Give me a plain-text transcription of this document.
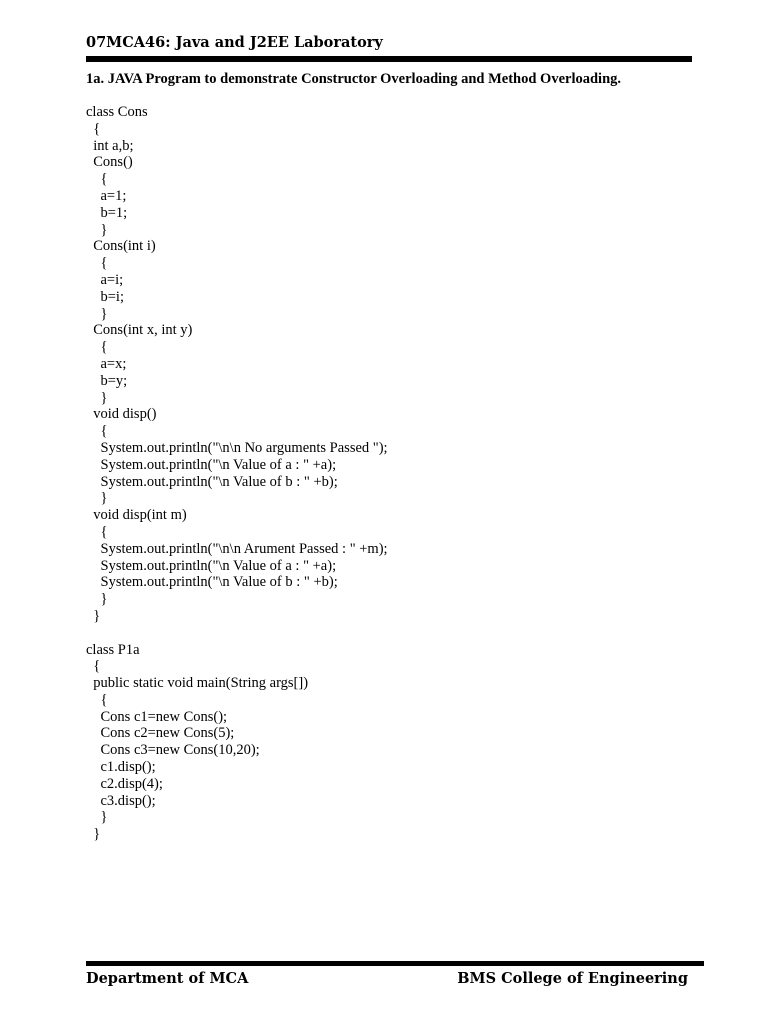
07MCA46: Java and J2EE Laboratory
1a. JAVA Program to demonstrate Constructor Overloading and Method Overloading.
class Cons
{
int a,b;
Cons()
{
a=1;
b=1;
}
Cons(int i)
{
a=i;
b=i;
}
Cons(int x, int y)
{
a=x;
b=y;
}
void disp()
{
System.out.println("\n\n No arguments Passed ");
System.out.println("\n Value of a : " +a);
System.out.println("\n Value of b : " +b);
}
void disp(int m)
{
System.out.println("\n\n Arument Passed : " +m);
System.out.println("\n Value of a : " +a);
System.out.println("\n Value of b : " +b);
}
}
class P1a
{
public static void main(String args[])
{
Cons c1=new Cons();
Cons c2=new Cons(5);
Cons c3=new Cons(10,20);
c1.disp();
c2.disp(4);
c3.disp();
}
}
Department of MCA	BMS College of Engineering
